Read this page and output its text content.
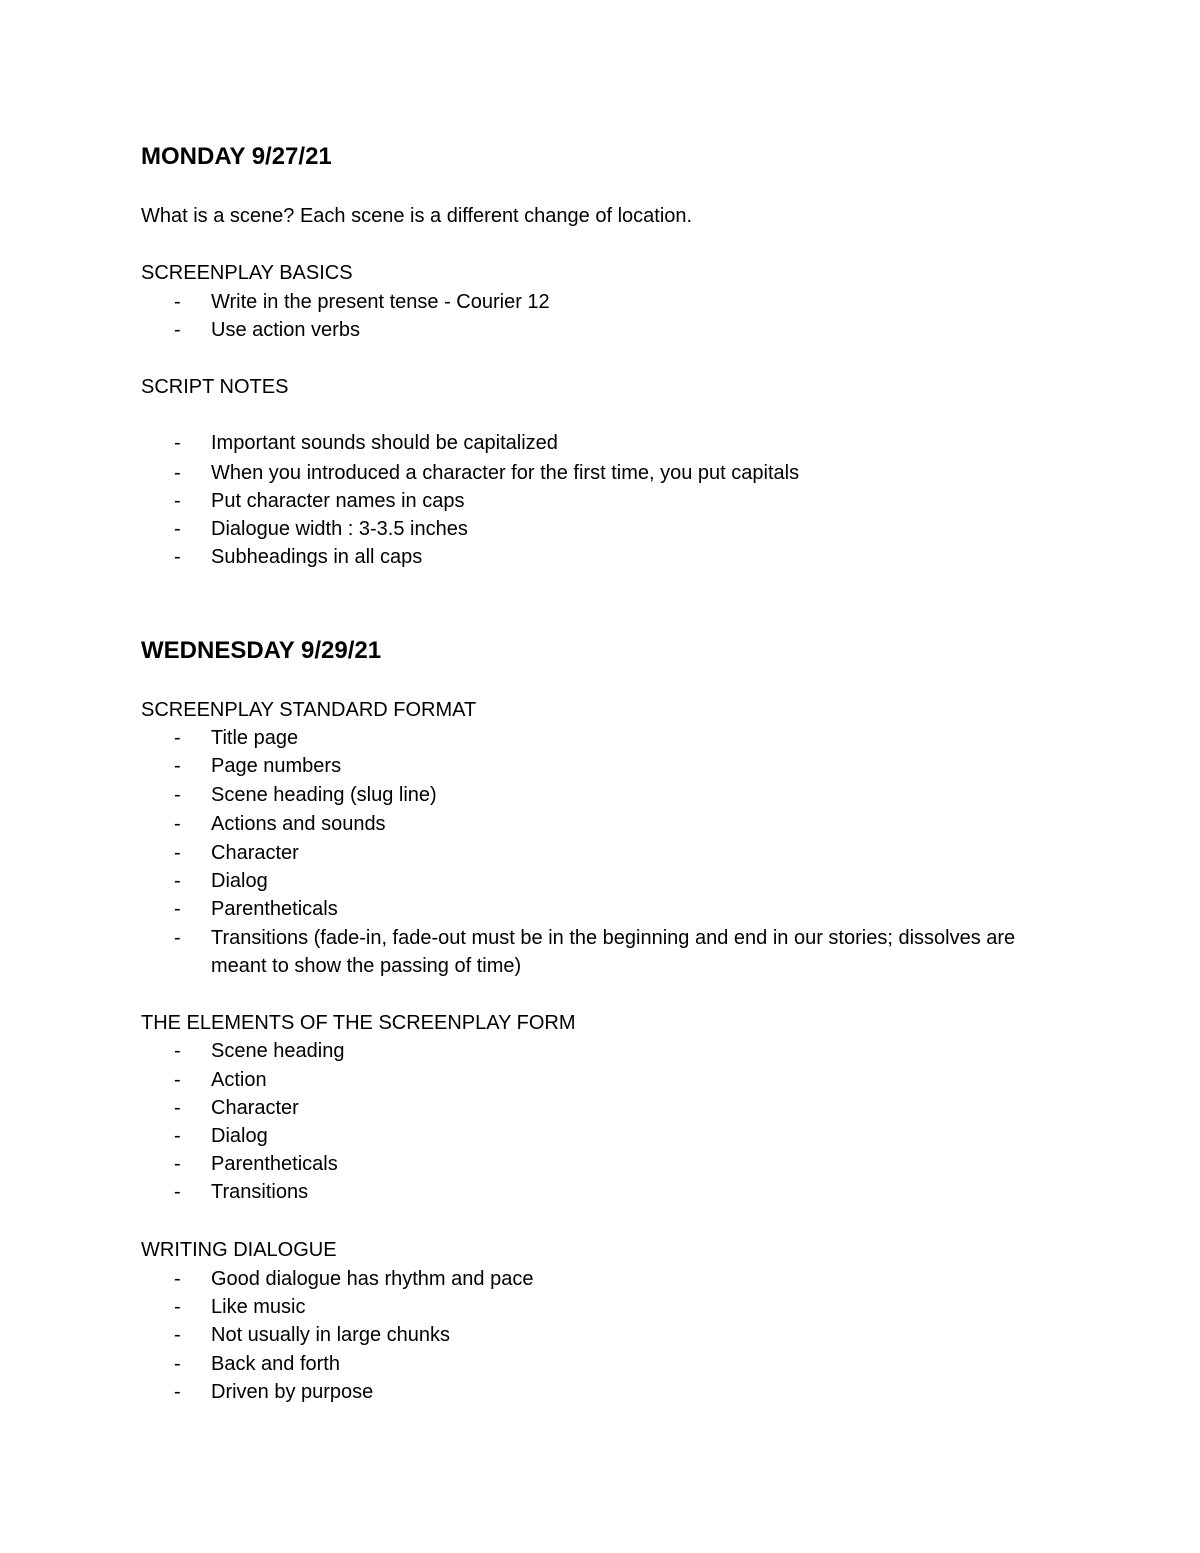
MONDAY 9/27/21
What is a scene? Each scene is a different change of location.
SCREENPLAY BASICS
- Write in the present tense - Courier 12
- Use action verbs
SCRIPT NOTES
- Important sounds should be capitalized
- When you introduced a character for the first time, you put capitals
- Put character names in caps
- Dialogue width : 3-3.5 inches
- Subheadings in all caps
WEDNESDAY 9/29/21
SCREENPLAY STANDARD FORMAT
- Title page
- Page numbers
- Scene heading (slug line)
- Actions and sounds
- Character
- Dialog
- Parentheticals
- Transitions (fade-in, fade-out must be in the beginning and end in our stories; dissolves are meant to show the passing of time)
THE ELEMENTS OF THE SCREENPLAY FORM
- Scene heading
- Action
- Character
- Dialog
- Parentheticals
- Transitions
WRITING DIALOGUE
- Good dialogue has rhythm and pace
- Like music
- Not usually in large chunks
- Back and forth
- Driven by purpose
